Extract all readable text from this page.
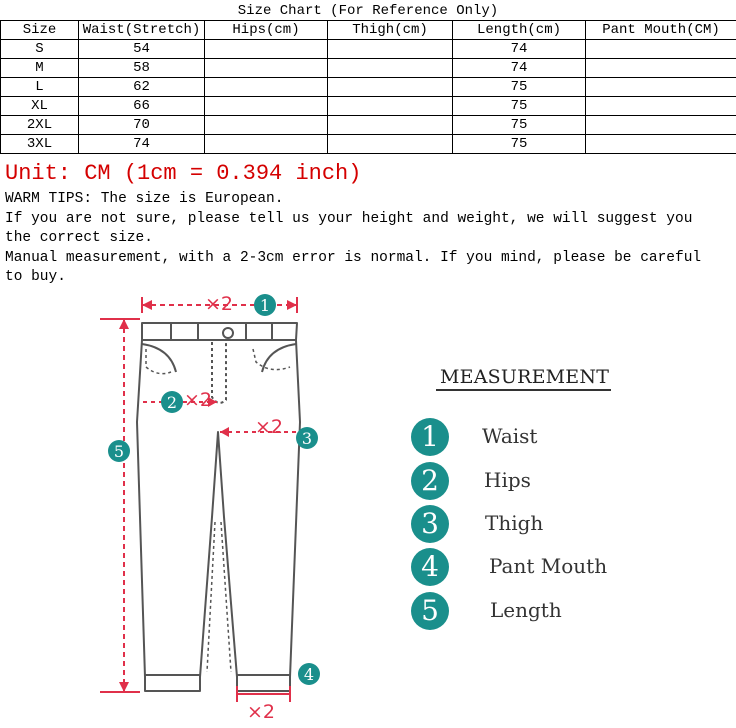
Size Chart (For Reference Only)
Size	Waist(Stretch)	Hips(cm)	Thigh(cm)	Length(cm)	Pant Mouth(CM)
S	54			74	
M	58			74	
L	62			75	
XL	66			75	
2XL	70			75	
3XL	74			75	
Unit: CM (1cm = 0.394 inch)
WARM TIPS: The size is European.
If you are not sure, please tell us your height and weight, we will suggest you
the correct size.
Manual measurement, with a 2-3cm error is normal. If you mind, please be careful
to buy.
×2
×2
×2
×2
1
2
3
4
5
MEASUREMENT
1	Waist
2	Hips
3	Thigh
4	Pant Mouth
5	Length
